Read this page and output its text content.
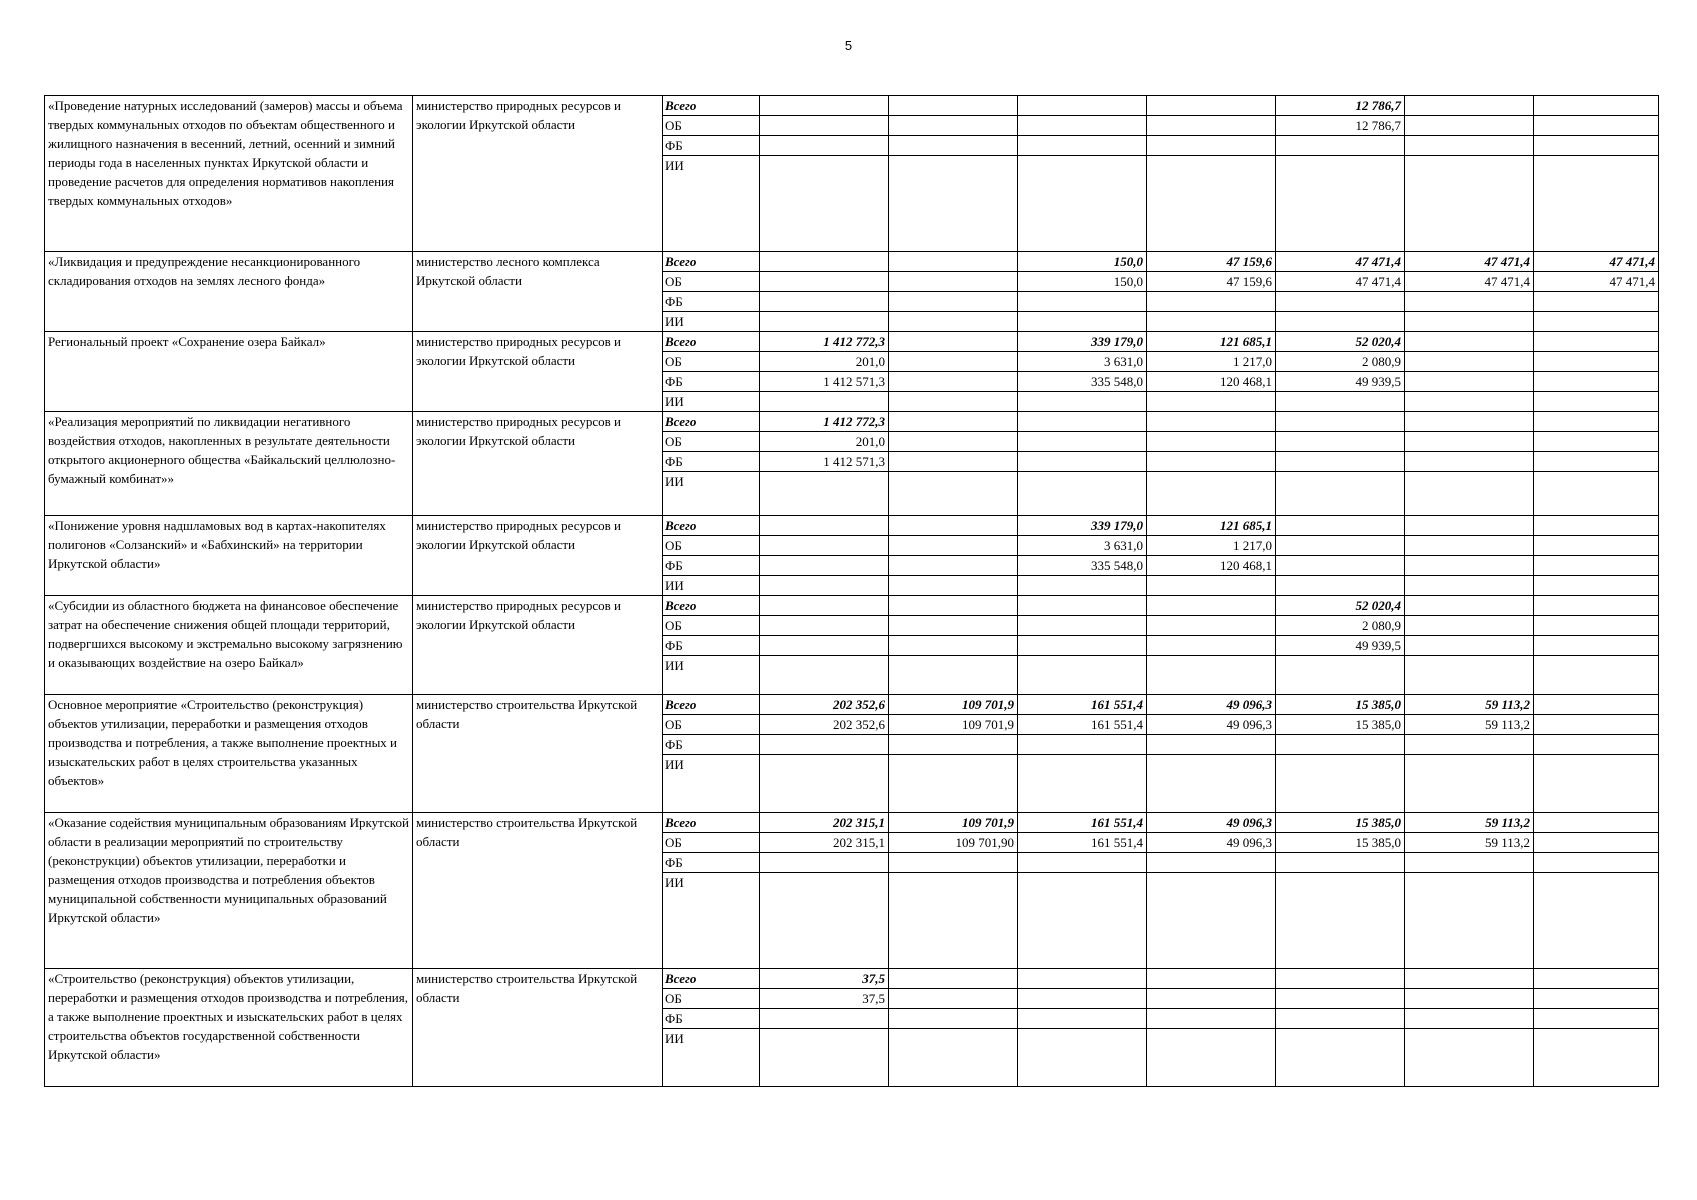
5
«Проведение натурных исследований (замеров) массы и объема твердых коммунальных отходов по объектам общественного и жилищного назначения в весенний, летний, осенний и зимний периоды года в населенных пунктах Иркутской области и проведение расчетов для определения нормативов накопления твердых коммунальных отходов»	министерство природных ресурсов и экологии Иркутской области	Всего					12 786,7		
		ОБ					12 786,7		
		ФБ							
		ИИ							
«Ликвидация и предупреждение несанкционированного складирования отходов на землях лесного фонда»	министерство лесного комплекса Иркутской области	Всего			150,0	47 159,6	47 471,4	47 471,4	47 471,4
		ОБ			150,0	47 159,6	47 471,4	47 471,4	47 471,4
		ФБ							
		ИИ							
Региональный проект «Сохранение озера Байкал»	министерство природных ресурсов и экологии Иркутской области	Всего	1 412 772,3		339 179,0	121 685,1	52 020,4		
		ОБ	201,0		3 631,0	1 217,0	2 080,9		
		ФБ	1 412 571,3		335 548,0	120 468,1	49 939,5		
		ИИ							
«Реализация мероприятий по ликвидации негативного воздействия отходов, накопленных в результате деятельности открытого акционерного общества «Байкальский целлюлозно-бумажный комбинат»»	министерство природных ресурсов и экологии Иркутской области	Всего	1 412 772,3						
		ОБ	201,0						
		ФБ	1 412 571,3						
		ИИ							
«Понижение уровня надшламовых вод в картах-накопителях полигонов «Солзанский» и «Бабхинский» на территории Иркутской области»	министерство природных ресурсов и экологии Иркутской области	Всего			339 179,0	121 685,1			
		ОБ			3 631,0	1 217,0			
		ФБ			335 548,0	120 468,1			
		ИИ							
«Субсидии из областного бюджета на финансовое обеспечение затрат на обеспечение снижения общей площади территорий, подвергшихся высокому и экстремально высокому загрязнению и оказывающих воздействие на озеро Байкал»	министерство природных ресурсов и экологии Иркутской области	Всего					52 020,4		
		ОБ					2 080,9		
		ФБ					49 939,5		
		ИИ							
Основное мероприятие «Строительство (реконструкция) объектов утилизации, переработки и размещения отходов производства и потребления, а также выполнение проектных и изыскательских работ в целях строительства указанных объектов»	министерство строительства Иркутской области	Всего	202 352,6	109 701,9	161 551,4	49 096,3	15 385,0	59 113,2	
		ОБ	202 352,6	109 701,9	161 551,4	49 096,3	15 385,0	59 113,2	
		ФБ							
		ИИ							
«Оказание содействия муниципальным образованиям Иркутской области в реализации мероприятий по строительству (реконструкции) объектов утилизации, переработки и размещения отходов производства и потребления объектов муниципальной собственности муниципальных образований Иркутской области»	министерство строительства Иркутской области	Всего	202 315,1	109 701,9	161 551,4	49 096,3	15 385,0	59 113,2	
		ОБ	202 315,1	109 701,90	161 551,4	49 096,3	15 385,0	59 113,2	
		ФБ							
		ИИ							
«Строительство (реконструкция) объектов утилизации, переработки и размещения отходов производства и потребления, а также выполнение проектных и изыскательских работ в целях строительства объектов государственной собственности Иркутской области»	министерство строительства Иркутской области	Всего	37,5						
		ОБ	37,5						
		ФБ							
		ИИ							
